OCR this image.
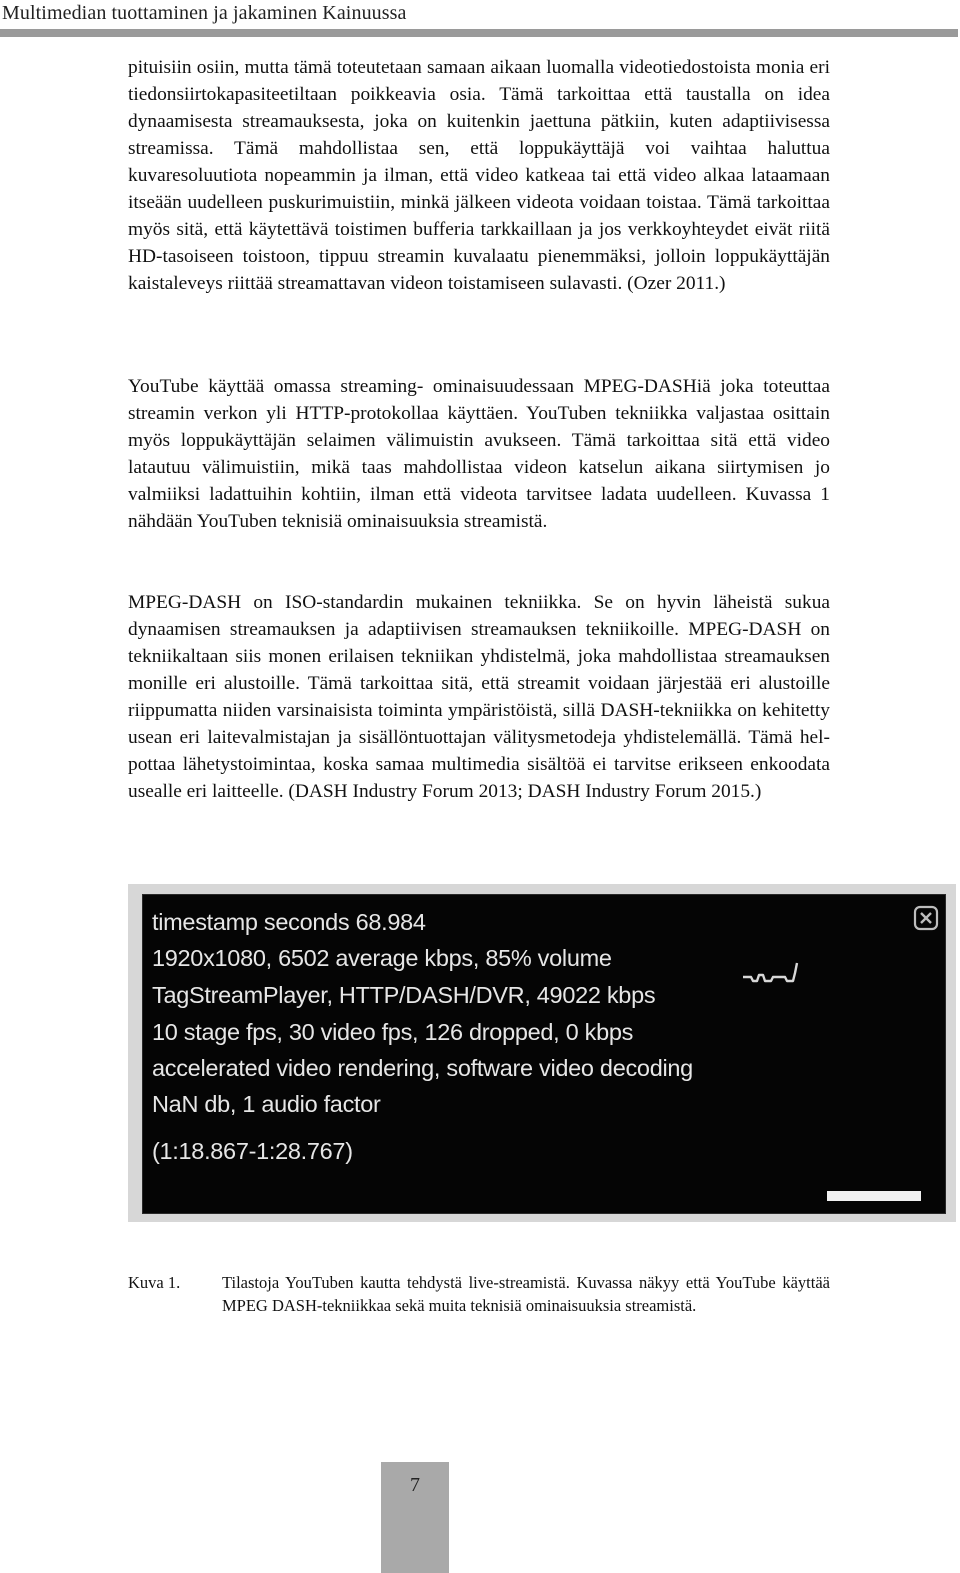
Multimedian tuottaminen ja jakaminen Kainuussa

pituisiin osiin, mutta tämä toteutetaan samaan aikaan luomalla videotiedostoista monia eri tiedonsiirtokapasiteetiltaan poikkeavia osia. Tämä tarkoittaa että taustalla on idea dynaamisesta streamauksesta, joka on kuitenkin jaettuna pätkiin, kuten adaptiivisessa streamissa. Tämä mahdollistaa sen, että loppukäyttäjä voi vaihtaa haluttua kuvaresoluutiota nopeammin ja ilman, että video katkeaa tai että video alkaa lataamaan itseään uudelleen puskurimuistiin, minkä jälkeen videota voidaan toistaa. Tämä tarkoittaa myös sitä, että käytettävä toistimen bufferia tarkkaillaan ja jos verkkoyhteydet eivät riitä HD-tasoiseen toistoon, tippuu streamin kuvalaatu pienemmäksi, jolloin loppukäyttäjän kaistaleveys riittää streamattavan videon toistamiseen sulavasti. (Ozer 2011.)

YouTube käyttää omassa streaming- ominaisuudessaan MPEG-DASHiä joka toteuttaa streamin verkon yli HTTP-protokollaa käyttäen. YouTuben tekniikka valjastaa osittain myös loppukäyttäjän selaimen välimuistin avukseen. Tämä tarkoittaa sitä että video latautuu välimuistiin, mikä taas mahdollistaa videon katselun aikana siirtymisen jo valmiiksi ladattuihin kohtiin, ilman että videota tarvitsee ladata uudelleen. Kuvassa 1 nähdään YouTuben teknisiä ominaisuuksia streamistä.

MPEG-DASH on ISO-standardin mukainen tekniikka. Se on hyvin läheistä sukua dynaamisen streamauksen ja adaptiivisen streamauksen tekniikoille. MPEG-DASH on tekniikaltaan siis monen erilaisen tekniikan yhdistelmä, joka mahdollistaa streamauksen monille eri alustoille. Tämä tarkoittaa sitä, että streamit voidaan järjestää eri alustoille riippumatta niiden varsinaisista toiminta ympäristöistä, sillä DASH-tekniikka on kehitetty usean eri laitevalmistajan ja sisällöntuottajan välitysmetodeja yhdistelemällä. Tämä helpottaa lähetystoimintaa, koska samaa multimedia sisältöä ei tarvitse erikseen enkoodata usealle eri laitteelle. (DASH Industry Forum 2013; DASH Industry Forum 2015.)

timestamp seconds 68.984
1920x1080, 6502 average kbps, 85% volume
TagStreamPlayer, HTTP/DASH/DVR, 49022 kbps
10 stage fps, 30 video fps, 126 dropped, 0 kbps
accelerated video rendering, software video decoding
NaN db, 1 audio factor
(1:18.867-1:28.767)
Kuva 1.	Tilastoja YouTuben kautta tehdystä live-streamistä. Kuvassa näkyy että YouTube käyttää MPEG DASH-tekniikkaa sekä muita teknisiä ominaisuuksia streamistä.
7
